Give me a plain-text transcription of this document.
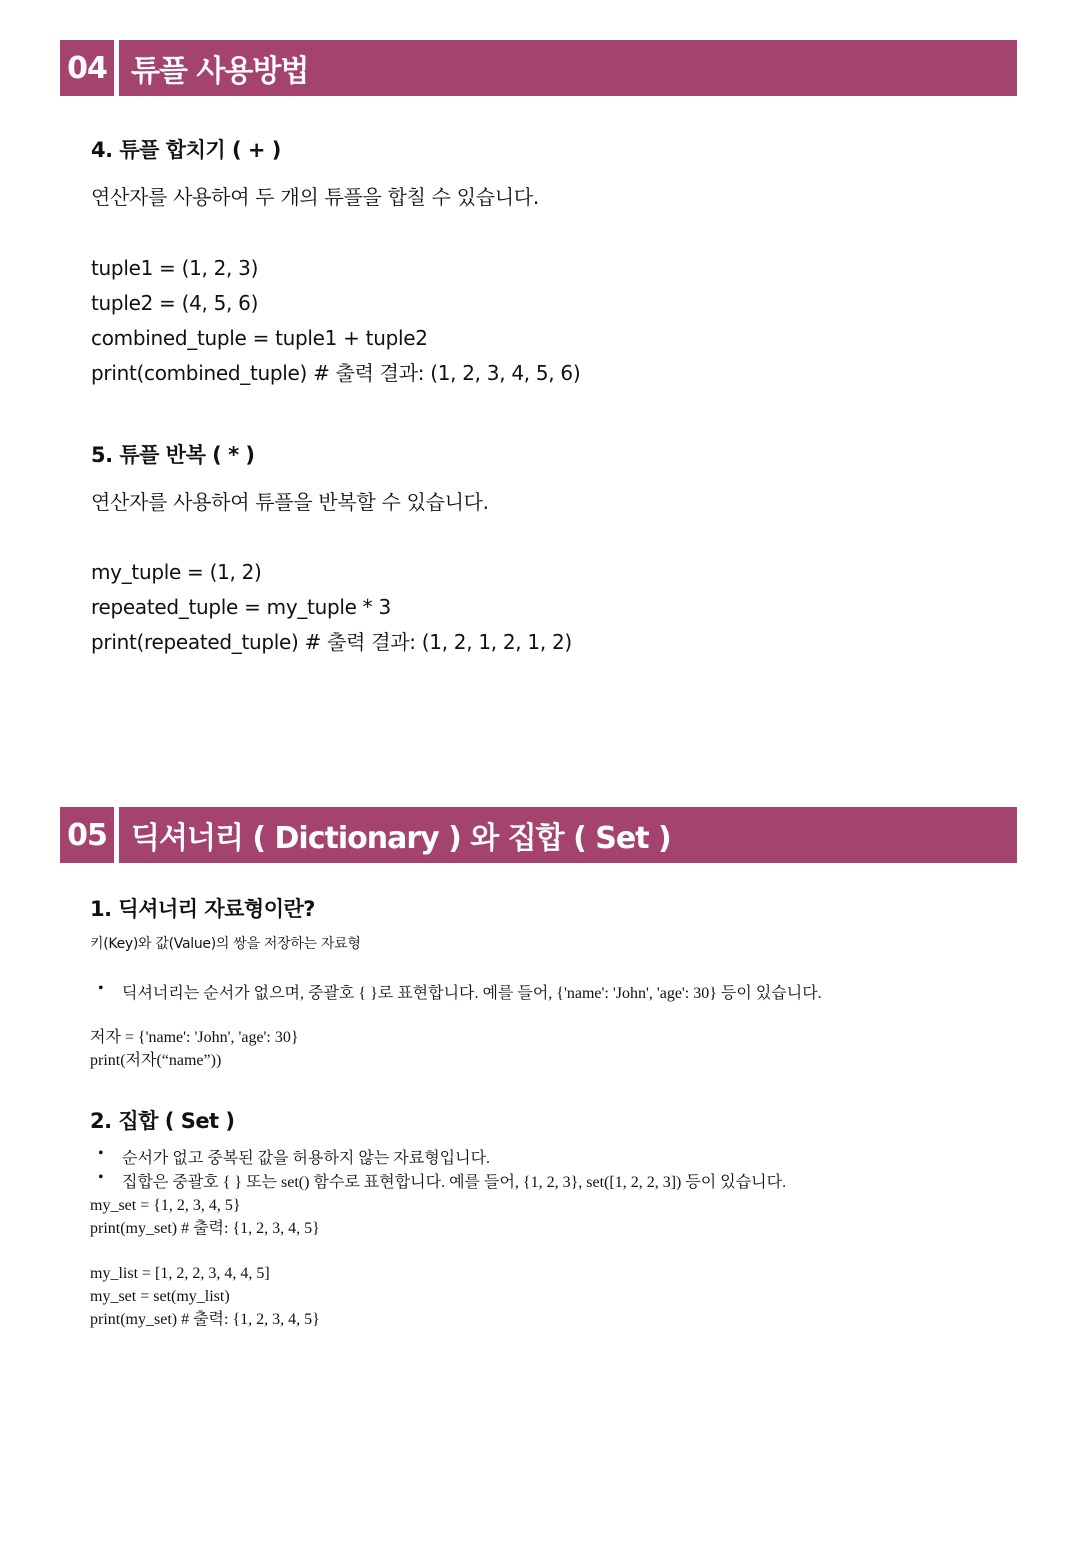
04 튜플 사용방법
4. 튜플 합치기 ( + )
연산자를 사용하여 두 개의 튜플을 합칠 수 있습니다.
tuple1 = (1, 2, 3)
tuple2 = (4, 5, 6)
combined_tuple = tuple1 + tuple2
print(combined_tuple) # 출력 결과: (1, 2, 3, 4, 5, 6)
5. 튜플 반복 ( * )
연산자를 사용하여 튜플을 반복할 수 있습니다.
my_tuple = (1, 2)
repeated_tuple = my_tuple * 3
print(repeated_tuple) # 출력 결과: (1, 2, 1, 2, 1, 2)
05 딕셔너리 ( Dictionary ) 와 집합 ( Set )
1. 딕셔너리 자료형이란?
키(Key)와 값(Value)의 쌍을 저장하는 자료형
• 딕셔너리는 순서가 없으며, 중괄호 { }로 표현합니다. 예를 들어, {'name': 'John', 'age': 30} 등이 있습니다.
저자 = {'name': 'John', 'age': 30}
print(저자(“name”))
2. 집합 ( Set )
• 순서가 없고 중복된 값을 허용하지 않는 자료형입니다.
• 집합은 중괄호 { } 또는 set() 함수로 표현합니다. 예를 들어, {1, 2, 3}, set([1, 2, 2, 3]) 등이 있습니다.
my_set = {1, 2, 3, 4, 5}
print(my_set) # 출력: {1, 2, 3, 4, 5}
my_list = [1, 2, 2, 3, 4, 4, 5]
my_set = set(my_list)
print(my_set) # 출력: {1, 2, 3, 4, 5}
